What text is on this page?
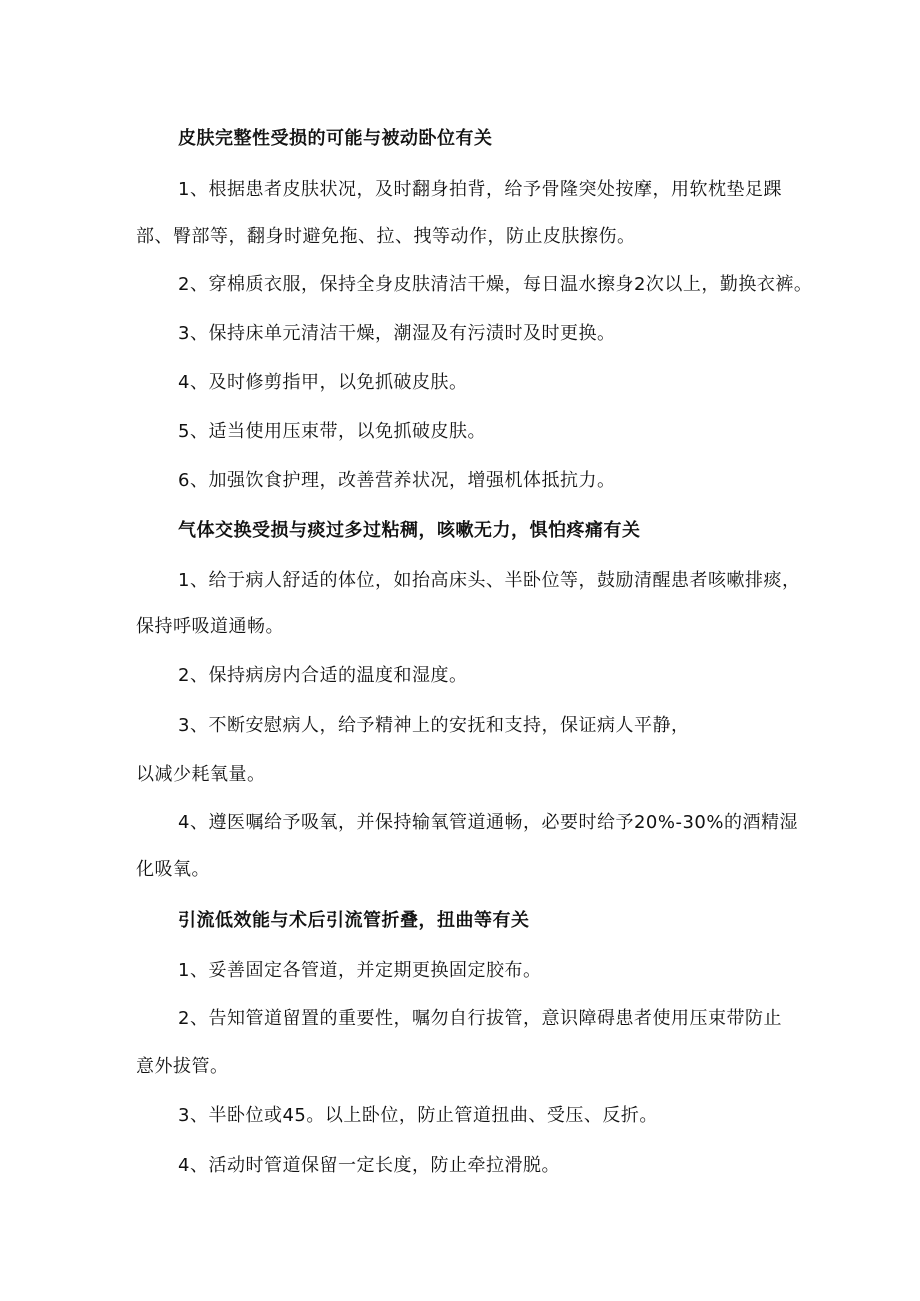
皮肤完整性受损的可能与被动卧位有关
1、根据患者皮肤状况，及时翻身拍背，给予骨隆突处按摩，用软枕垫足踝
部、臀部等，翻身时避免拖、拉、拽等动作，防止皮肤擦伤。
2、穿棉质衣服，保持全身皮肤清洁干燥，每日温水擦身2次以上，勤换衣裤。
3、保持床单元清洁干燥，潮湿及有污渍时及时更换。
4、及时修剪指甲，以免抓破皮肤。
5、适当使用压束带，以免抓破皮肤。
6、加强饮食护理，改善营养状况，增强机体抵抗力。
气体交换受损与痰过多过粘稠，咳嗽无力，惧怕疼痛有关
1、给于病人舒适的体位，如抬高床头、半卧位等，鼓励清醒患者咳嗽排痰，
保持呼吸道通畅。
2、保持病房内合适的温度和湿度。
3、不断安慰病人，给予精神上的安抚和支持，保证病人平静，
以减少耗氧量。
4、遵医嘱给予吸氧，并保持输氧管道通畅，必要时给予20%-30%的酒精湿
化吸氧。
引流低效能与术后引流管折叠，扭曲等有关
1、妥善固定各管道，并定期更换固定胶布。
2、告知管道留置的重要性，嘱勿自行拔管，意识障碍患者使用压束带防止
意外拔管。
3、半卧位或45。以上卧位，防止管道扭曲、受压、反折。
4、活动时管道保留一定长度，防止牵拉滑脱。
